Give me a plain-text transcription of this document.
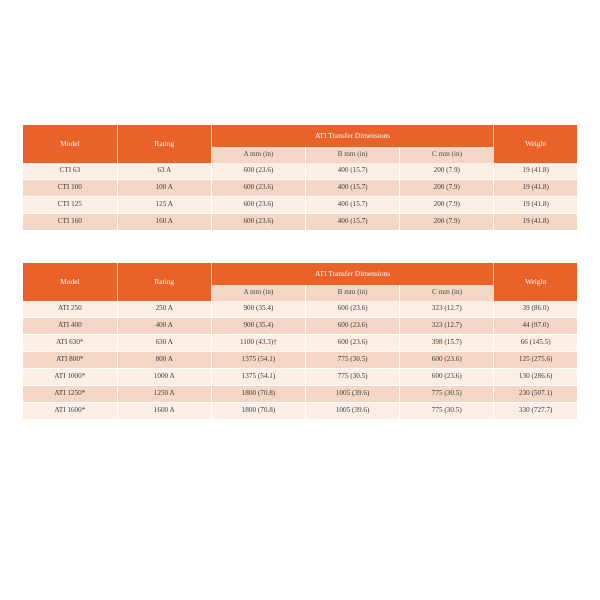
Model	Rating	ATI Transfer Dimensions			Weight
		A mm (in)	B mm (in)	C mm (in)	
CTI 63	63 A	600 (23.6)	400 (15.7)	200 (7.9)	19 (41.8)
CTI 100	100 A	600 (23.6)	400 (15.7)	200 (7.9)	19 (41.8)
CTI 125	125 A	600 (23.6)	400 (15.7)	200 (7.9)	19 (41.8)
CTI 160	160 A	600 (23.6)	400 (15.7)	200 (7.9)	19 (41.8)
Model	Rating	ATI Transfer Dimensions			Weight
		A mm (in)	B mm (in)	C mm (in)	
ATI 250	250 A	900 (35.4)	600 (23.6)	323 (12.7)	39 (86.0)
ATI 400	400 A	900 (35.4)	600 (23.6)	323 (12.7)	44 (97.0)
ATI 630*	630 A	1100 (43.3)†	600 (23.6)	398 (15.7)	66 (145.5)
ATI 800*	800 A	1375 (54.1)	775 (30.5)	600 (23.6)	125 (275.6)
ATI 1000*	1000 A	1375 (54.1)	775 (30.5)	600 (23.6)	130 (286.6)
ATI 1250*	1250 A	1800 (70.8)	1005 (39.6)	775 (30.5)	230 (507.1)
ATI 1600*	1600 A	1800 (70.8)	1005 (39.6)	775 (30.5)	330 (727.7)
